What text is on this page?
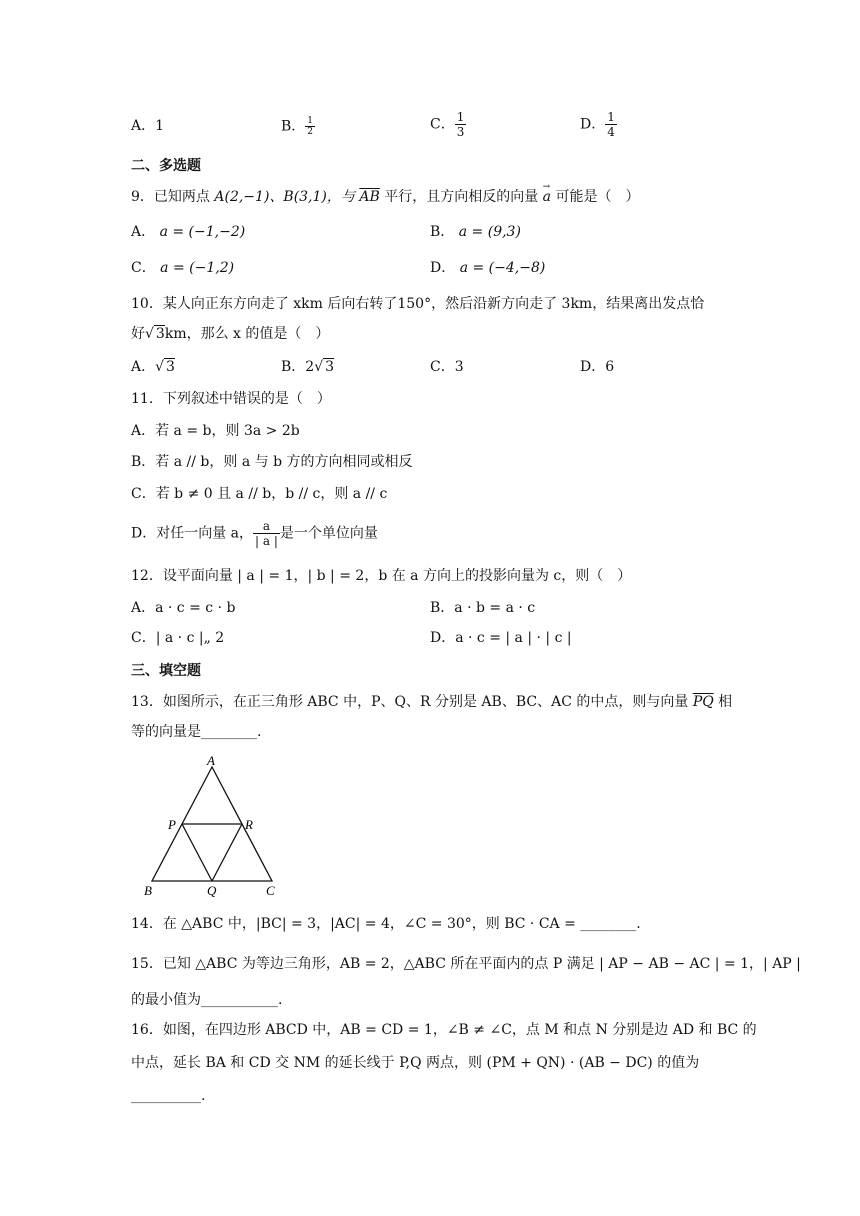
A．1	B． $\frac{1}{2}$	C． $\frac{1}{3}$	D． $\frac{1}{4}$
二、多选题
9．已知两点 A(2,−1)、B(3,1)，与 $\overline{AB}$ 平行，且方向相反的向量 → a 可能是（　）
A． a = (−1,−2)	B． a = (9,3)
C． a = (−1,2)	D． a = (−4,−8)
10．某人向正东方向走了 xkm 后向右转了150°，然后沿新方向走了 3km，结果离出发点恰
好√ 3km，那么 x 的值是（　）
A．√ 3	B．2√ 3	C．3	D．6
11．下列叙述中错误的是（　）
A．若 a = b，则 3a > 2b
B．若 a // b，则 a 与 b 方的方向相同或相反
C．若 b ≠ 0 且 a // b，b // c，则 a // c
D．对任一向量 a， $\frac{a}{| a |}$ 是一个单位向量
12．设平面向量 | a | = 1，| b | = 2，b 在 a 方向上的投影向量为 c，则（　）
A．a · c = c · b	B．a · b = a · c
C．| a · c |„ 2	D．a · c = | a | · | c |
三、填空题
13．如图所示，在正三角形 ABC 中，P、Q、R 分别是 AB、BC、AC 的中点，则与向量 $\overline{PQ}$ 相
等的向量是________.
A
B	C
P	R
Q
14．在 △ABC 中，|BC| = 3，|AC| = 4，∠C = 30°，则 BC · CA = ________.
15．已知 △ABC 为等边三角形，AB = 2，△ABC 所在平面内的点 P 满足 | AP − AB − AC | = 1，| AP |
的最小值为___________.
16．如图，在四边形 ABCD 中，AB = CD = 1，∠B ≠ ∠C，点 M 和点 N 分别是边 AD 和 BC 的
中点，延长 BA 和 CD 交 NM 的延长线于 P,Q 两点，则 (PM + QN) · (AB − DC) 的值为
__________.
